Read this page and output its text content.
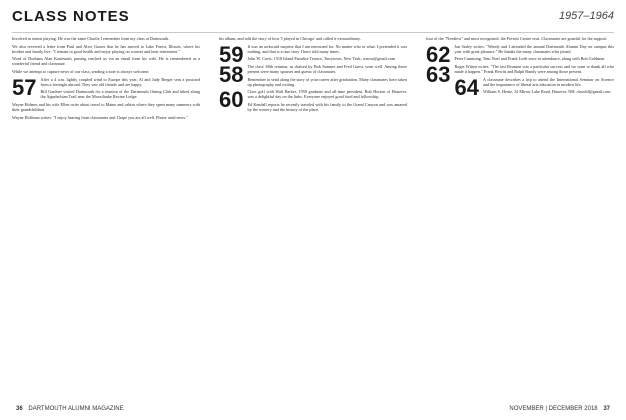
CLASS NOTES	1957–1964

Involved in tennis playing. He was the same Charlie I remember from my class at Dartmouth.

We also received a letter from Paul and Alice Gasser that he has moved to Lake Forest, Illinois, where his brother and family live. "I remain in good health and enjoy playing on courses and hear retirement."

Word of Donham Alan Kaufman's passing reached us via an email from his wife. He is remembered as a wonderful friend and classmate.

While we attempt to capture news of our class, sending a note is always welcome.

57 After a 4 a.m. lightly coupled wind to Europe this year, Al and Judy Berger sent a postcard from a fortnight abroad. They saw old friends and are happy.

Bill Gardner visited Dartmouth for a reunion of the Dartmouth Outing Club and hiked along the Appalachian Trail near the Moosilauke Ravine Lodge.

Wayne Holmes and his wife Ellen write about travel to Maine and cabins where they spent many summers with their grandchildren.

Wayne Hoffman writes: "I enjoy hearing from classmates and I hope you are all well. Please send news."

his album, and told the story of how 'I played in Chicago' and called it extraordinary.

59 It was an awkward surprise that I am renowned for. No matter who or what. I pretended it was nothing, and that is a true story I have told many times.

John W. Cavis, 1518 Island Paradise Terrace, Tarrytown, New York; scnosr@gmail.com

58 The class' 60th reunion, as chaired by Bob Sumner and Fred Guest, went well. Among those present were many spouses and guests of classmates.

Remember to send along the story of your career after graduation. Many classmates have taken up photography and writing.

60 Class golf with Walt Barker, 1958 graduate and all-time president, Bob Horton of Hanover, was a delightful day on the links. Everyone enjoyed good food and fellowship.

Ed Kendall reports he recently traveled with his family to the Grand Canyon and was amazed by the scenery and the history of the place.

four of the "Neediest" and most recognized, the Prewitt Center visit. Classmates are grateful for the support.

62 Jan Staley writes: "Wendy and I attended the annual Dartmouth Alumni Day on campus this year with great pleasure." He thanks the many classmates who joined.

Peter Cumming, Tom Noel and Frank Loeb were in attendance, along with Bob Goldman.

63 Roger Witten writes: "The last Reunion was a particular success and we want to thank all who made it happen." Frank Hewitt and Ralph Bundy were among those present.

64 A classmate describes a trip to attend the International Seminar on Science and the importance of liberal arts education in modern life.

William S. Hentz, 34 Mirror Lake Road, Hanover, NH; class64@gmail.com

36 DARTMOUTH ALUMNI MAGAZINE	NOVEMBER | DECEMBER 2018 37
